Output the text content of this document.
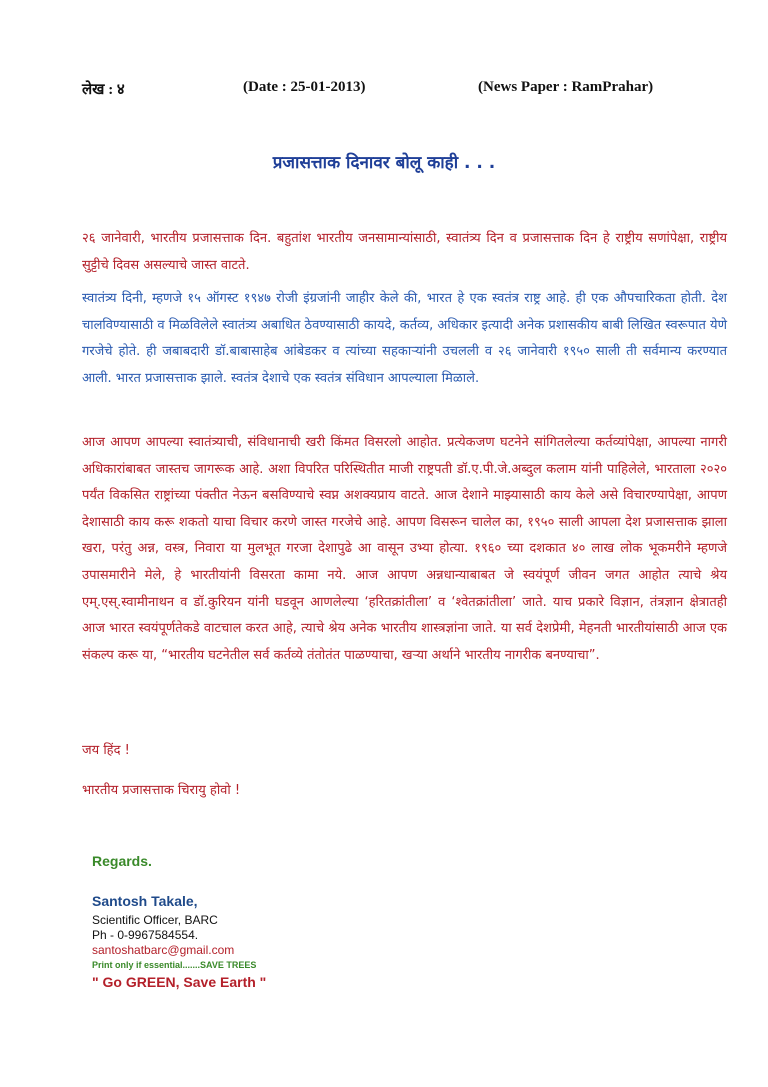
लेख : ४	(Date : 25-01-2013)	(News Paper : RamPrahar)
प्रजासत्ताक दिनावर बोलू काही . . .

२६ जानेवारी, भारतीय प्रजासत्ताक दिन. बहुतांश भारतीय जनसामान्यांसाठी, स्वातंत्र्य दिन व प्रजासत्ताक दिन हे राष्ट्रीय सणांपेक्षा, राष्ट्रीय सुट्टीचे दिवस असल्याचे जास्त वाटते.

स्वातंत्र्य दिनी, म्हणजे १५ ऑगस्ट १९४७ रोजी इंग्रजांनी जाहीर केले की, भारत हे एक स्वतंत्र राष्ट्र आहे. ही एक औपचारिकता होती. देश चालविण्यासाठी व मिळविलेले स्वातंत्र्य अबाधित ठेवण्यासाठी कायदे, कर्तव्य, अधिकार इत्यादी अनेक प्रशासकीय बाबी लिखित स्वरूपात येणे गरजेचे होते. ही जबाबदारी डॉ.बाबासाहेब आंबेडकर व त्यांच्या सहकाऱ्यांनी उचलली व २६ जानेवारी १९५० साली ती सर्वमान्य करण्यात आली. भारत प्रजासत्ताक झाले. स्वतंत्र देशाचे एक स्वतंत्र संविधान आपल्याला मिळाले.

आज आपण आपल्या स्वातंत्र्याची, संविधानाची खरी किंमत विसरलो आहोत. प्रत्येकजण घटनेने सांगितलेल्या कर्तव्यांपेक्षा, आपल्या नागरी अधिकारांबाबत जास्तच जागरूक आहे. अशा विपरित परिस्थितीत माजी राष्ट्रपती डॉ.ए.पी.जे.अब्दुल कलाम यांनी पाहिलेले, भारताला २०२० पर्यंत विकसित राष्ट्रांच्या पंक्तीत नेऊन बसविण्याचे स्वप्न अशक्यप्राय वाटते. आज देशाने माझ्यासाठी काय केले असे विचारण्यापेक्षा, आपण देशासाठी काय करू शकतो याचा विचार करणे जास्त गरजेचे आहे. आपण विसरून चालेल का, १९५० साली आपला देश प्रजासत्ताक झाला खरा, परंतु अन्न, वस्त्र, निवारा या मुलभूत गरजा देशापुढे आ वासून उभ्या होत्या. १९६० च्या दशकात ४० लाख लोक भूकमरीने म्हणजे उपासमारीने मेले, हे भारतीयांनी विसरता कामा नये. आज आपण अन्नधान्याबाबत जे स्वयंपूर्ण जीवन जगत आहोत त्याचे श्रेय एम्.एस्.स्वामीनाथन व डॉ.कुरियन यांनी घडवून आणलेल्या ‘हरितक्रांतीला’ व ‘श्वेतक्रांतीला’ जाते. याच प्रकारे विज्ञान, तंत्रज्ञान क्षेत्रातही आज भारत स्वयंपूर्णतेकडे वाटचाल करत आहे, त्याचे श्रेय अनेक भारतीय शास्त्रज्ञांना जाते. या सर्व देशप्रेमी, मेहनती भारतीयांसाठी आज एक संकल्प करू या, “भारतीय घटनेतील सर्व कर्तव्ये तंतोतंत पाळण्याचा, खऱ्या अर्थाने भारतीय नागरीक बनण्याचा”.

जय हिंद !
भारतीय प्रजासत्ताक चिरायु होवो !
Regards.
Santosh Takale,
Scientific Officer, BARC
Ph - 0-9967584554.
santoshatbarc@gmail.com
Print only if essential.......SAVE TREES
" Go GREEN, Save Earth "
